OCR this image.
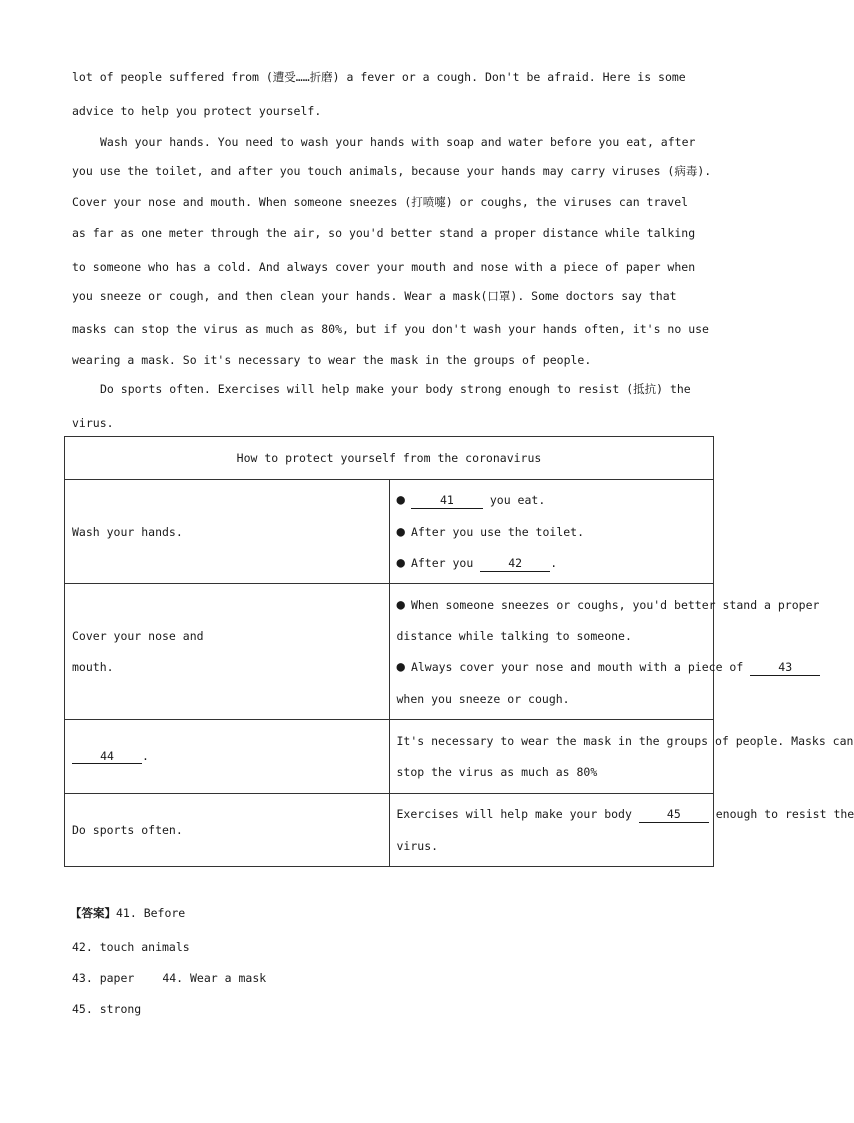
lot of people suffered from (遭受……折磨) a fever or a cough. Don't be afraid. Here is some
advice to help you protect yourself.
Wash your hands. You need to wash your hands with soap and water before you eat, after
you use the toilet, and after you touch animals, because your hands may carry viruses (病毒).
Cover your nose and mouth. When someone sneezes (打喷嚏) or coughs, the viruses can travel
as far as one meter through the air, so you'd better stand a proper distance while talking
to someone who has a cold. And always cover your mouth and nose with a piece of paper when
you sneeze or cough, and then clean your hands. Wear a mask(口罩). Some doctors say that
masks can stop the virus as much as 80%, but if you don't wash your hands often, it's no use
wearing a mask. So it's necessary to wear the mask in the groups of people.
Do sports often. Exercises will help make your body strong enough to resist (抵抗) the
virus.
How to protect yourself from the coronavirus	
Wash your hands.	● 41 you eat.
● After you use the toilet.
● After you 42 .

Cover your nose and
mouth.	● When someone sneezes or coughs, you'd better stand a proper
distance while talking to someone.
● Always cover your nose and mouth with a piece of 43
when you sneeze or cough.

44 .	It's necessary to wear the mask in the groups of people. Masks can
stop the virus as much as 80%

Do sports often.	Exercises will help make your body 45 enough to resist the
virus.
【答案】41. Before
42. touch animals
43. paper 44. Wear a mask
45. strong
